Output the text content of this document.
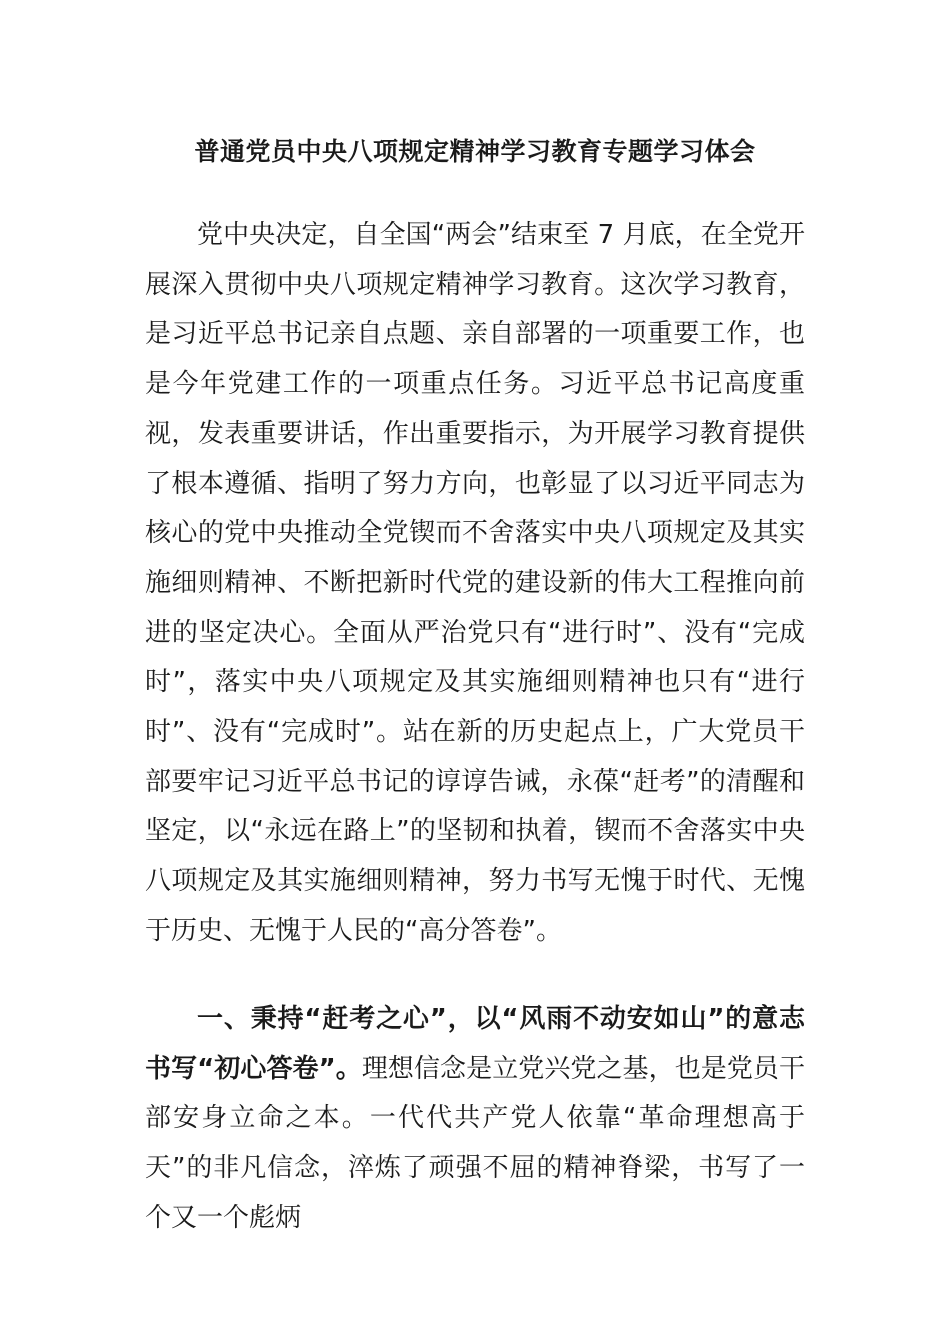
普通党员中央八项规定精神学习教育专题学习体会

党中央决定，自全国“两会”结束至 7 月底，在全党开展深入贯彻中央八项规定精神学习教育。这次学习教育，是习近平总书记亲自点题、亲自部署的一项重要工作，也是今年党建工作的一项重点任务。习近平总书记高度重视，发表重要讲话，作出重要指示，为开展学习教育提供了根本遵循、指明了努力方向，也彰显了以习近平同志为核心的党中央推动全党锲而不舍落实中央八项规定及其实施细则精神、不断把新时代党的建设新的伟大工程推向前进的坚定决心。全面从严治党只有“进行时”、没有“完成时”，落实中央八项规定及其实施细则精神也只有“进行时”、没有“完成时”。站在新的历史起点上，广大党员干部要牢记习近平总书记的谆谆告诫，永葆“赶考”的清醒和坚定，以“永远在路上”的坚韧和执着，锲而不舍落实中央八项规定及其实施细则精神，努力书写无愧于时代、无愧于历史、无愧于人民的“高分答卷”。

一、秉持“赶考之心”，以“风雨不动安如山”的意志书写“初心答卷”。理想信念是立党兴党之基，也是党员干部安身立命之本。一代代共产党人依靠“革命理想高于天”的非凡信念，淬炼了顽强不屈的精神脊梁，书写了一个又一个彪炳
